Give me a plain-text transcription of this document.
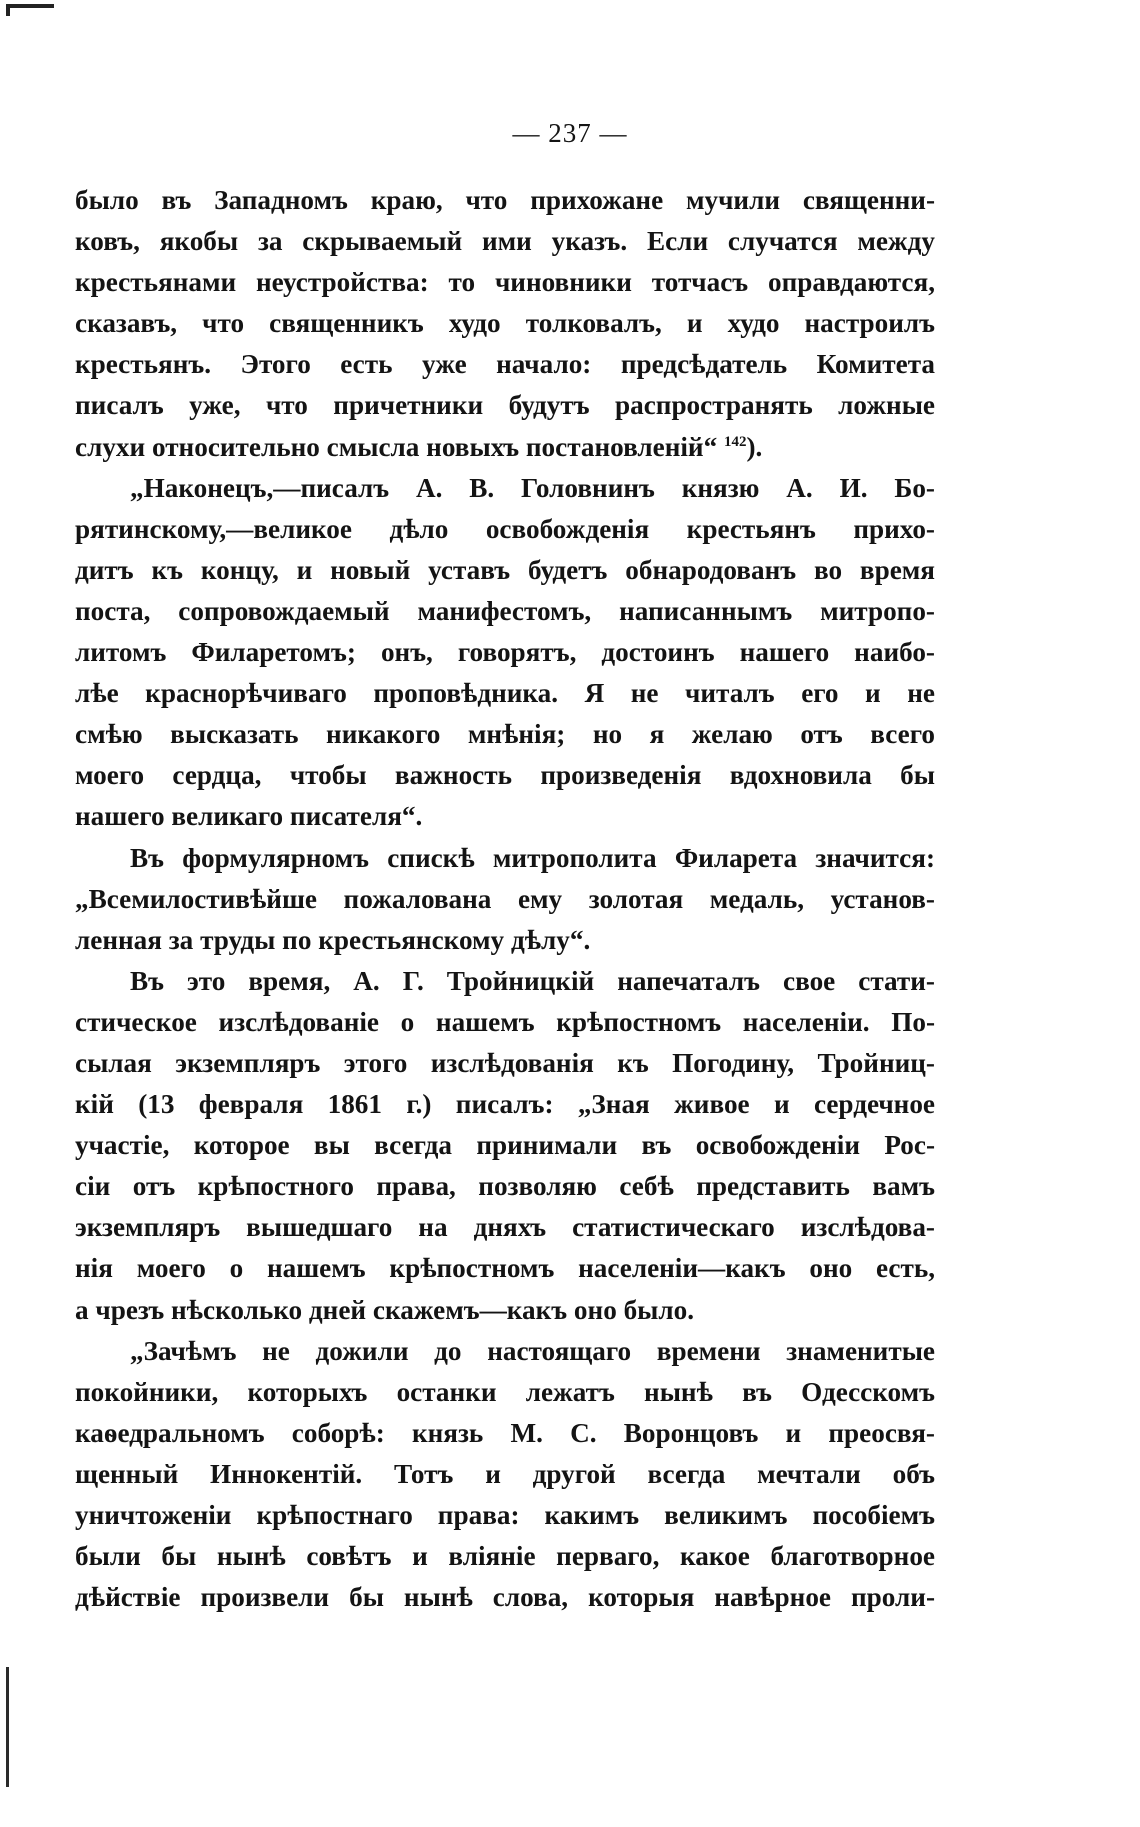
— 237 —
было въ Западномъ краю, что прихожане мучили священни-
ковъ, якобы за скрываемый ими указъ. Если случатся между
крестьянами неустройства: то чиновники тотчасъ оправдаются,
сказавъ, что священникъ худо толковалъ, и худо настроилъ
крестьянъ. Этого есть уже начало: предсѣдатель Комитета
писалъ уже, что причетники будутъ распространять ложные
слухи относительно смысла новыхъ постановленій“ $^{142}$).
„Наконецъ,—писалъ А. В. Головнинъ князю А. И. Бо-
рятинскому,—великое дѣло освобожденія крестьянъ прихо-
дитъ къ концу, и новый уставъ будетъ обнародованъ во время
поста, сопровождаемый манифестомъ, написаннымъ митропо-
литомъ Филаретомъ; онъ, говорятъ, достоинъ нашего наибо-
лѣе краснорѣчиваго проповѣдника. Я не читалъ его и не
смѣю высказать никакого мнѣнія; но я желаю отъ всего
моего сердца, чтобы важность произведенія вдохновила бы
нашего великаго писателя“.
Въ формулярномъ спискѣ митрополита Филарета значится:
„Всемилостивѣйше пожалована ему золотая медаль, установ-
ленная за труды по крестьянскому дѣлу“.
Въ это время, А. Г. Тройницкій напечаталъ свое стати-
стическое изслѣдованіе о нашемъ крѣпостномъ населеніи. По-
сылая экземпляръ этого изслѣдованія къ Погодину, Тройниц-
кій (13 февраля 1861 г.) писалъ: „Зная живое и сердечное
участіе, которое вы всегда принимали въ освобожденіи Рос-
сіи отъ крѣпостного права, позволяю себѣ представить вамъ
экземпляръ вышедшаго на дняхъ статистическаго изслѣдова-
нія моего о нашемъ крѣпостномъ населеніи—какъ оно есть,
а чрезъ нѣсколько дней скажемъ—какъ оно было.
„Зачѣмъ не дожили до настоящаго времени знаменитые
покойники, которыхъ останки лежатъ нынѣ въ Одесскомъ
каѳедральномъ соборѣ: князь М. С. Воронцовъ и преосвя-
щенный Иннокентій. Тотъ и другой всегда мечтали объ
уничтоженіи крѣпостнаго права: какимъ великимъ пособіемъ
были бы нынѣ совѣтъ и вліяніе перваго, какое благотворное
дѣйствіе произвели бы нынѣ слова, которыя навѣрное проли-
